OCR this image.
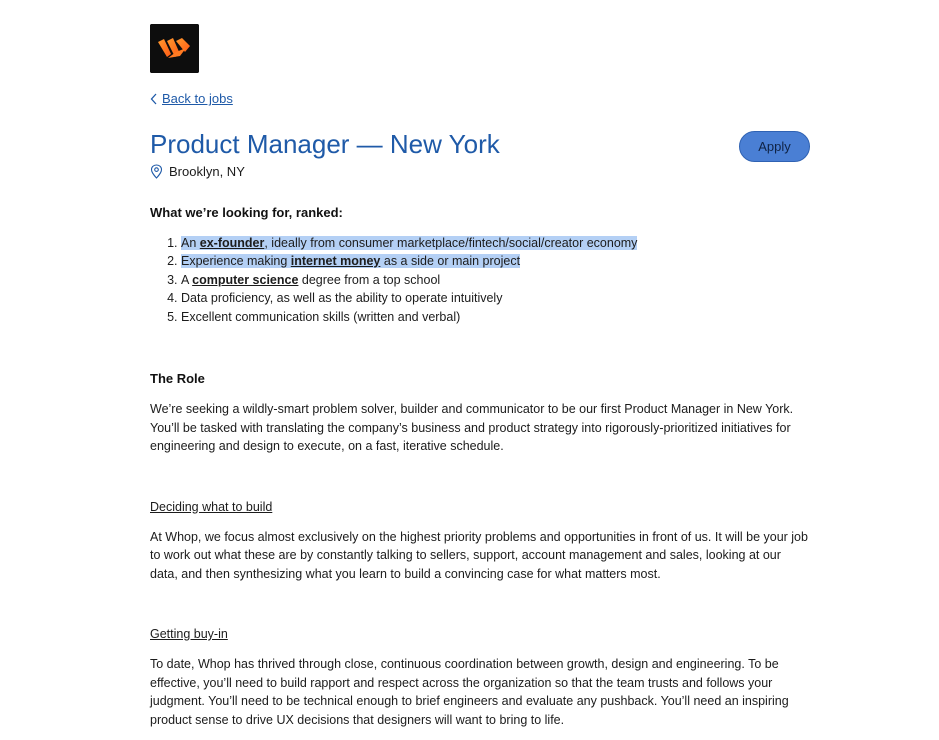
Back to jobs
Product Manager — New York
Brooklyn, NY
Apply
What we’re looking for, ranked:
1. An ex-founder, ideally from consumer marketplace/fintech/social/creator economy
2. Experience making internet money as a side or main project
3. A computer science degree from a top school
4. Data proficiency, as well as the ability to operate intuitively
5. Excellent communication skills (written and verbal)
The Role

We’re seeking a wildly-smart problem solver, builder and communicator to be our first Product Manager in New York. You’ll be tasked with translating the company’s business and product strategy into rigorously-prioritized initiatives for engineering and design to execute, on a fast, iterative schedule.

Deciding what to build

At Whop, we focus almost exclusively on the highest priority problems and opportunities in front of us. It will be your job to work out what these are by constantly talking to sellers, support, account management and sales, looking at our data, and then synthesizing what you learn to build a convincing case for what matters most.

Getting buy-in

To date, Whop has thrived through close, continuous coordination between growth, design and engineering. To be effective, you’ll need to build rapport and respect across the organization so that the team trusts and follows your judgment. You’ll need to be technical enough to brief engineers and evaluate any pushback. You’ll need an inspiring product sense to drive UX decisions that designers will want to bring to life.
